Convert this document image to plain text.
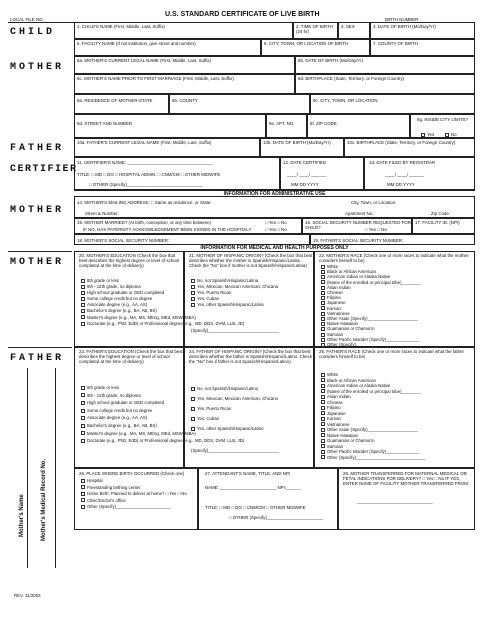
LOCAL FILE NO.
U.S. STANDARD CERTIFICATE OF LIVE BIRTH
BIRTH NUMBER
CHILD
1. CHILD'S NAME (First, Middle, Last, Suffix)	2. TIME OF BIRTH (24 hr)
3. SEX	4. DATE OF BIRTH (Mo/Day/Yr)
5. FACILITY NAME (If not institution, give street and number)	6. CITY, TOWN, OR LOCATION OF BIRTH	7. COUNTY OF BIRTH
MOTHER
8a. MOTHER'S CURRENT LEGAL NAME (First, Middle, Last, Suffix)	8b. DATE OF BIRTH (Mo/Day/Yr)
8c. MOTHER'S NAME PRIOR TO FIRST MARRIAGE (First, Middle, Last, Suffix)	8d. BIRTHPLACE (State, Territory, or Foreign Country)
9a. RESIDENCE OF MOTHER-STATE	9b. COUNTY	9c. CITY, TOWN, OR LOCATION
9d. STREET AND NUMBER	9e. APT. NO.	9f. ZIP CODE
9g. INSIDE CITY LIMITS?
Yes	No
FATHER
10a. FATHER'S CURRENT LEGAL NAME (First, Middle, Last, Suffix)	10b. DATE OF BIRTH (Mo/Day/Yr)	10c. BIRTHPLACE (State, Territory, or Foreign Country)
CERTIFIER
11. CERTIFIER'S NAME: ___________________________________
TITLE: □ MD □ DO □ HOSPITAL ADMIN. □ CNM/CM □ OTHER MIDWIFE
□ OTHER (Specify)_______________________________
12. DATE CERTIFIED
____/ ____/ ______
MM DD YYYY
13. DATE FILED BY REGISTRAR
____/ ____/ ______
MM DD YYYY
INFORMATION FOR ADMINISTRATIVE USE
MOTHER
14. MOTHER'S MAILING ADDRESS: □ Same as residence, or State:	City, Town, or Location:
Street & Number:	Apartment No.:	Zip Code:
15. MOTHER MARRIED? (At birth, conception, or any time between)	□ Yes □ No
IF NO, HAS PATERNITY ACKNOWLEDGEMENT BEEN SIGNED IN THE HOSPITAL?	□ Yes □ No
16. SOCIAL SECURITY NUMBER REQUESTED FOR CHILD?	□ Yes □ No
17. FACILITY ID. (NPI)
18. MOTHER'S SOCIAL SECURITY NUMBER:	19. FATHER'S SOCIAL SECURITY NUMBER:
INFORMATION FOR MEDICAL AND HEALTH PURPOSES ONLY
MOTHER
20. MOTHER'S EDUCATION (Check the box that best describes the highest degree or level of school completed at the time of delivery)
8th grade or less
9th - 12th grade, no diploma
High school graduate or GED completed
Some college credit but no degree
Associate degree (e.g., AA, AS)
Bachelor's degree (e.g., BA, AB, BS)
Master's degree (e.g., MA, MS, MEng, MEd, MSW, MBA)
Doctorate (e.g., PhD, EdD) or Professional degree (e.g., MD, DDS, DVM, LLB, JD)
21. MOTHER OF HISPANIC ORIGIN? (Check the box that best describes whether the mother is Spanish/Hispanic/Latina. Check the "No" box if mother is not Spanish/Hispanic/Latina)
No, not Spanish/Hispanic/Latina
Yes, Mexican, Mexican American, Chicana
Yes, Puerto Rican
Yes, Cuban
Yes, other Spanish/Hispanic/Latina
(Specify)_____________________________
22. MOTHER'S RACE (Check one or more races to indicate what the mother considers herself to be)
White
Black or African American
American Indian or Alaska Native
(Name of the enrolled or principal tribe)________
Asian Indian
Chinese
Filipino
Japanese
Korean
Vietnamese
Other Asian (Specify)_____________________
Native Hawaiian
Guamanian or Chamorro
Samoan
Other Pacific Islander (Specify)______________
Other (Specify)_____________________________
FATHER
23. FATHER'S EDUCATION (Check the box that best describes the highest degree or level of school completed at the time of delivery)
8th grade or less
9th - 12th grade, no diploma
High school graduate or GED completed
Some college credit but no degree
Associate degree (e.g., AA, AS)
Bachelor's degree (e.g., BA, AB, BS)
Master's degree (e.g., MA, MS, MEng, MEd, MSW, MBA)
Doctorate (e.g., PhD, EdD) or Professional degree (e.g., MD, DDS, DVM, LLB, JD)
24. FATHER OF HISPANIC ORIGIN? (Check the box that best describes whether the father is Spanish/Hispanic/Latino. Check the "No" box if father is not Spanish/Hispanic/Latino)
No, not Spanish/Hispanic/Latino
Yes, Mexican, Mexican American, Chicano
Yes, Puerto Rican
Yes, Cuban
Yes, other Spanish/Hispanic/Latino
(Specify)_____________________________
25. FATHER'S RACE (Check one or more races to indicate what the father considers himself to be)
White
Black or African American
American Indian or Alaska Native
(Name of the enrolled or principal tribe)________
Asian Indian
Chinese
Filipino
Japanese
Korean
Vietnamese
Other Asian (Specify)_____________________
Native Hawaiian
Guamanian or Chamorro
Samoan
Other Pacific Islander (Specify)______________
Other (Specify)_____________________________
Mother's Name	Mother's Medical Record No.	26. PLACE WHERE BIRTH OCCURRED (Check one)
Hospital
Freestanding birthing center
Home Birth: Planned to deliver at home? □ Yes □ No
Clinic/Doctor's office
Other (Specify)_______________________
27. ATTENDANT'S NAME, TITLE, AND NPI
NAME: _______________________ NPI:______
TITLE: □ MD □ DO □ CNM/CM □ OTHER MIDWIFE
□ OTHER (Specify)_______________________
28. MOTHER TRANSFERRED FOR MATERNAL MEDICAL OR FETAL INDICATIONS FOR DELIVERY? □ Yes □ No IF YES, ENTER NAME OF FACILITY MOTHER TRANSFERRED FROM:
_______________________________
REV. 11/2003
